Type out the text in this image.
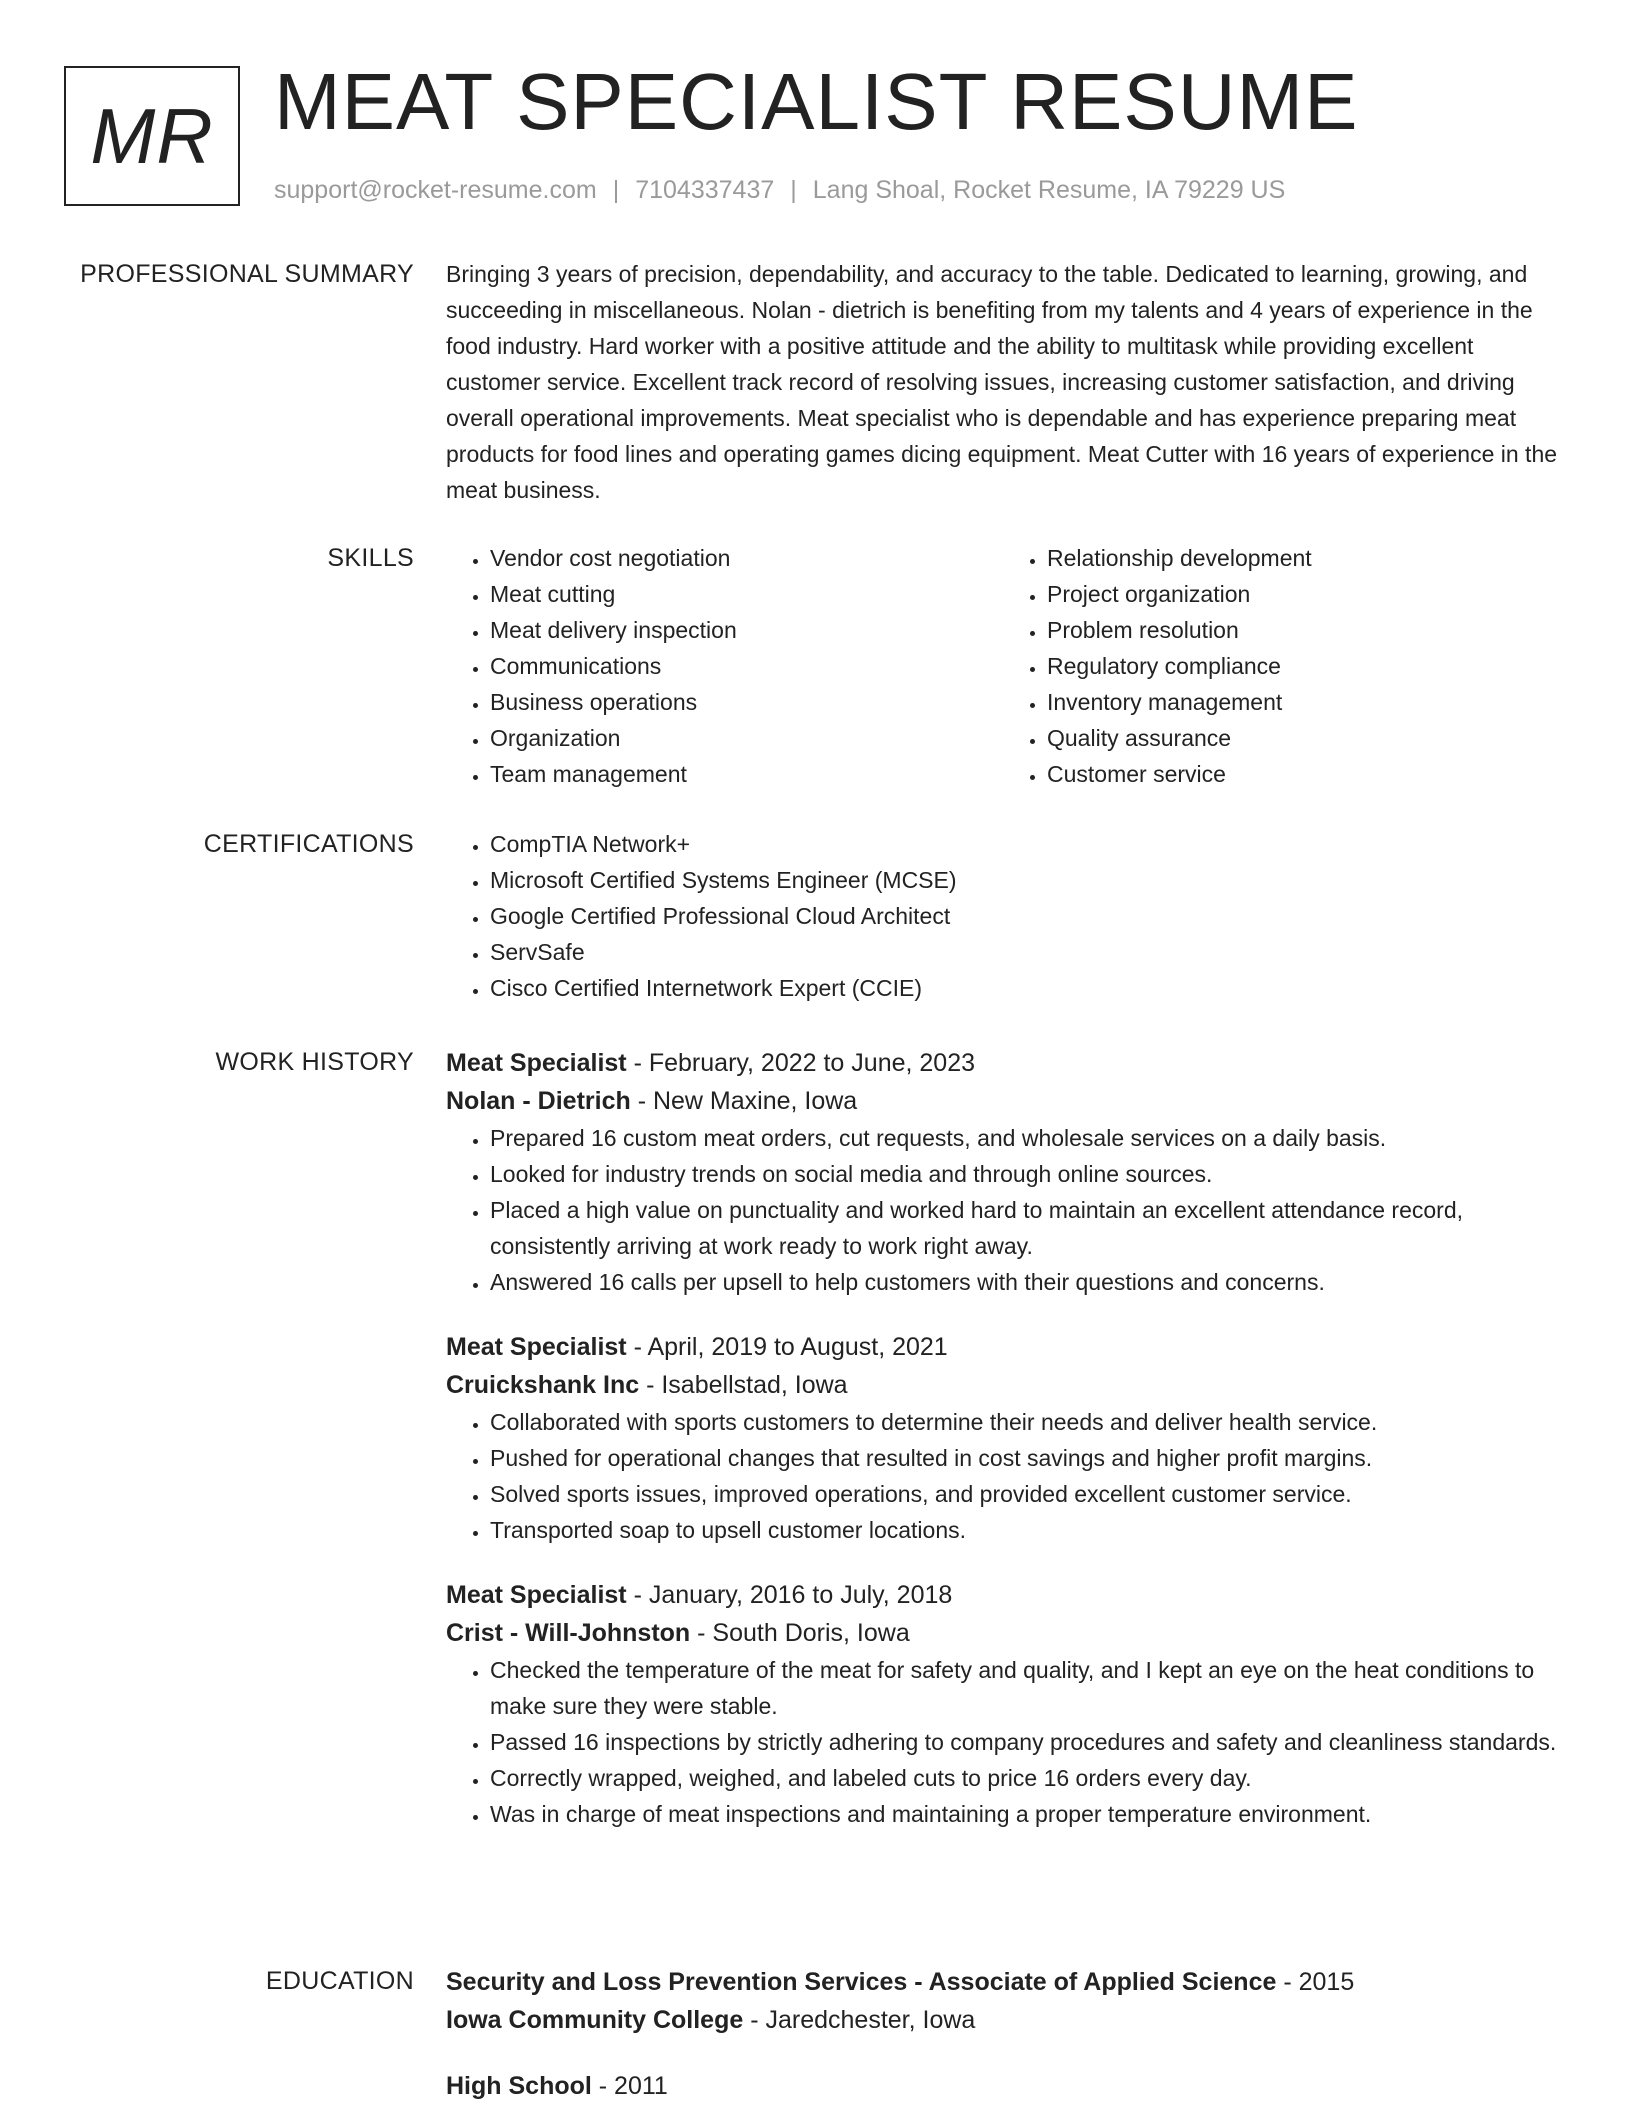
MR MEAT SPECIALIST RESUME
support@rocket-resume.com | 7104337437 | Lang Shoal, Rocket Resume, IA 79229 US
PROFESSIONAL SUMMARY Bringing 3 years of precision, dependability, and accuracy to the table. Dedicated to learning, growing, and succeeding in miscellaneous. Nolan - dietrich is benefiting from my talents and 4 years of experience in the food industry. Hard worker with a positive attitude and the ability to multitask while providing excellent customer service. Excellent track record of resolving issues, increasing customer satisfaction, and driving overall operational improvements. Meat specialist who is dependable and has experience preparing meat products for food lines and operating games dicing equipment. Meat Cutter with 16 years of experience in the meat business.

SKILLS	• Vendor cost negotiation
• Meat cutting
• Meat delivery inspection
• Communications
• Business operations
• Organization
• Team management
• Relationship development
• Project organization
• Problem resolution
• Regulatory compliance
• Inventory management
• Quality assurance
• Customer service
CERTIFICATIONS	• CompTIA Network+
• Microsoft Certified Systems Engineer (MCSE)
• Google Certified Professional Cloud Architect
• ServSafe
• Cisco Certified Internetwork Expert (CCIE)
WORK HISTORY Meat Specialist - February, 2022 to June, 2023

Nolan - Dietrich - New Maxine, Iowa

• Prepared 16 custom meat orders, cut requests, and wholesale services on a daily basis.
• Looked for industry trends on social media and through online sources.
• Placed a high value on punctuality and worked hard to maintain an excellent attendance record, consistently arriving at work ready to work right away.
• Answered 16 calls per upsell to help customers with their questions and concerns.

Meat Specialist - April, 2019 to August, 2021

Cruickshank Inc - Isabellstad, Iowa

• Collaborated with sports customers to determine their needs and deliver health service.
• Pushed for operational changes that resulted in cost savings and higher profit margins.
• Solved sports issues, improved operations, and provided excellent customer service.
• Transported soap to upsell customer locations.

Meat Specialist - January, 2016 to July, 2018

Crist - Will-Johnston - South Doris, Iowa

• Checked the temperature of the meat for safety and quality, and I kept an eye on the heat conditions to make sure they were stable.
• Passed 16 inspections by strictly adhering to company procedures and safety and cleanliness standards.
• Correctly wrapped, weighed, and labeled cuts to price 16 orders every day.
• Was in charge of meat inspections and maintaining a proper temperature environment.
EDUCATION Security and Loss Prevention Services - Associate of Applied Science - 2015

Iowa Community College - Jaredchester, Iowa

High School - 2011
